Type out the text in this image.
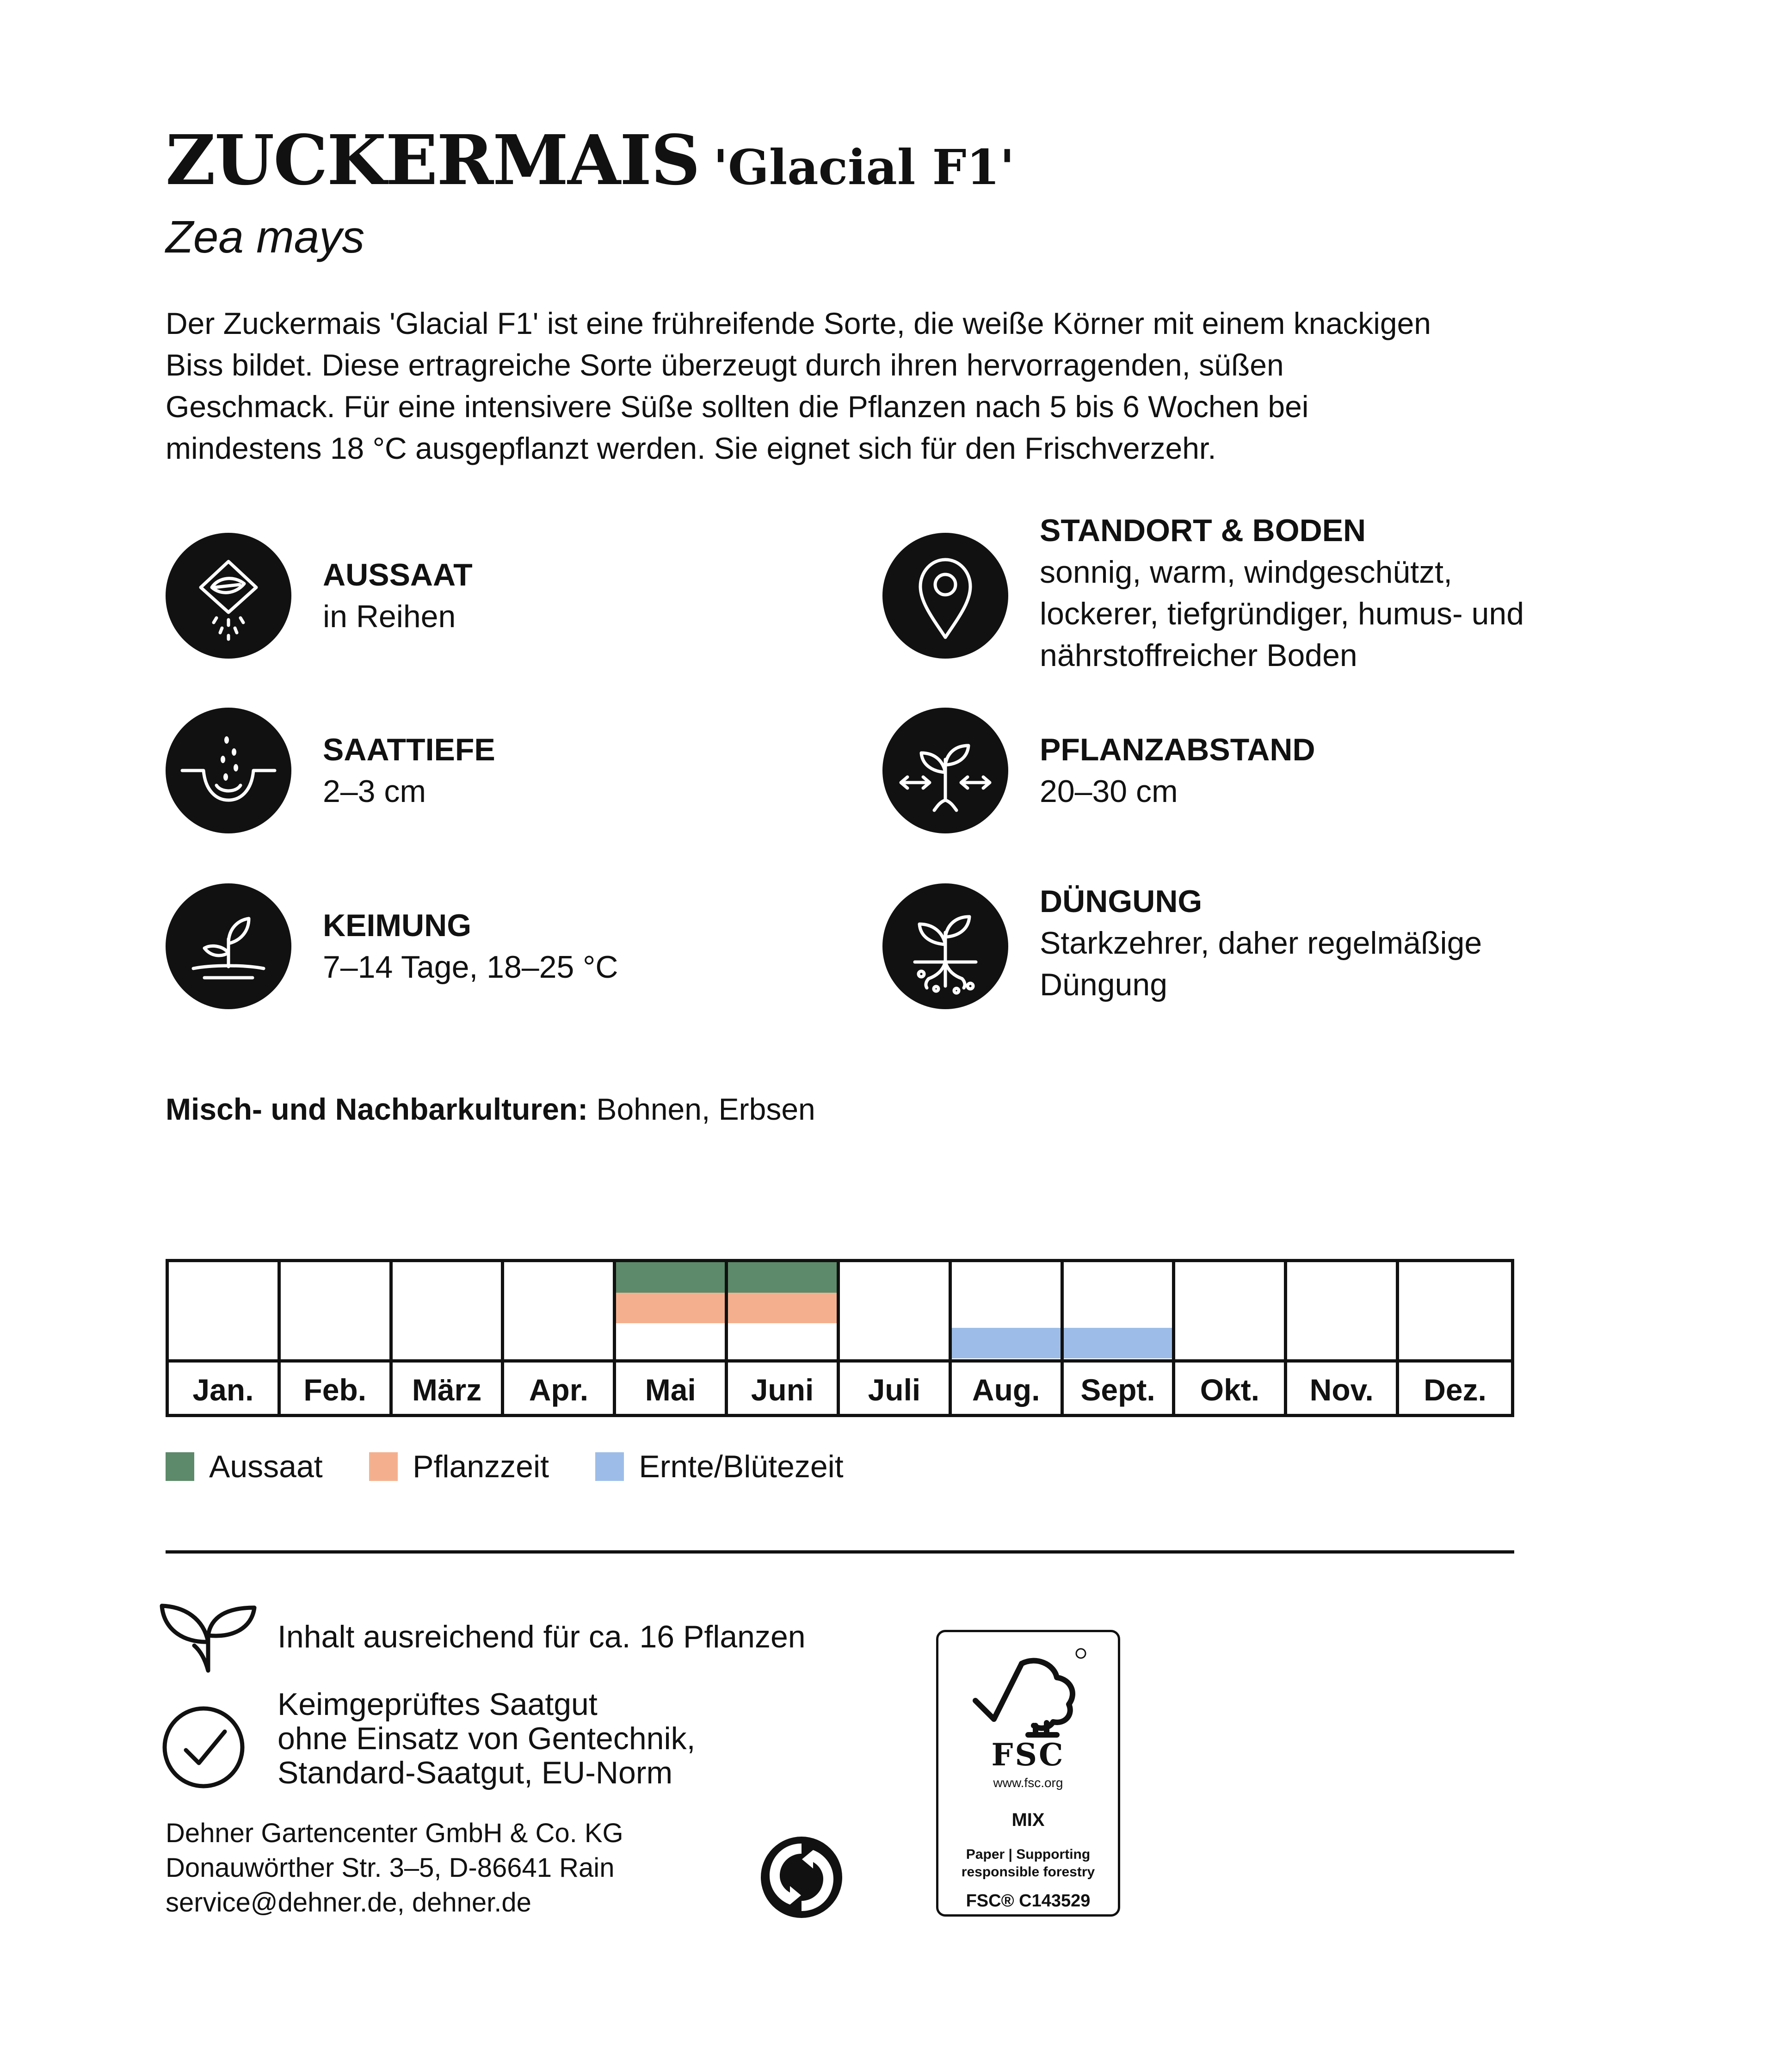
ZUCKERMAIS 'Glacial F1'
Zea mays

Der Zuckermais 'Glacial F1' ist eine frühreifende Sorte, die weiße Körner mit einem knackigen Biss bildet. Diese ertragreiche Sorte überzeugt durch ihren hervorragenden, süßen Geschmack. Für eine intensivere Süße sollten die Pflanzen nach 5 bis 6 Wochen bei mindestens 18 °C ausgepflanzt werden. Sie eignet sich für den Frischverzehr.

AUSSAAT
in Reihen
SAATTIEFE
2–3 cm
KEIMUNG
7–14 Tage, 18–25 °C
STANDORT & BODEN
sonnig, warm, windgeschützt, lockerer, tiefgründiger, humus- und nährstoffreicher Boden
PFLANZABSTAND
20–30 cm
DÜNGUNG
Starkzehrer, daher regelmäßige Düngung
Misch- und Nachbarkulturen: Bohnen, Erbsen
Jan.	Feb.	März	Apr.	Mai	Juni	Juli	Aug.	Sept.	Okt.	Nov.	Dez.
Aussaat
	Pflanzzeit
	Ernte/Blütezeit
Inhalt ausreichend für ca. 16 Pflanzen
Keimgeprüftes Saatgut
ohne Einsatz von Gentechnik,
Standard-Saatgut, EU-Norm
Dehner Gartencenter GmbH & Co. KG
Donauwörther Str. 3–5, D-86641 Rain
service@dehner.de, dehner.de
FSC
www.fsc.org
MIX
Paper | Supporting
responsible forestry
FSC® C143529
